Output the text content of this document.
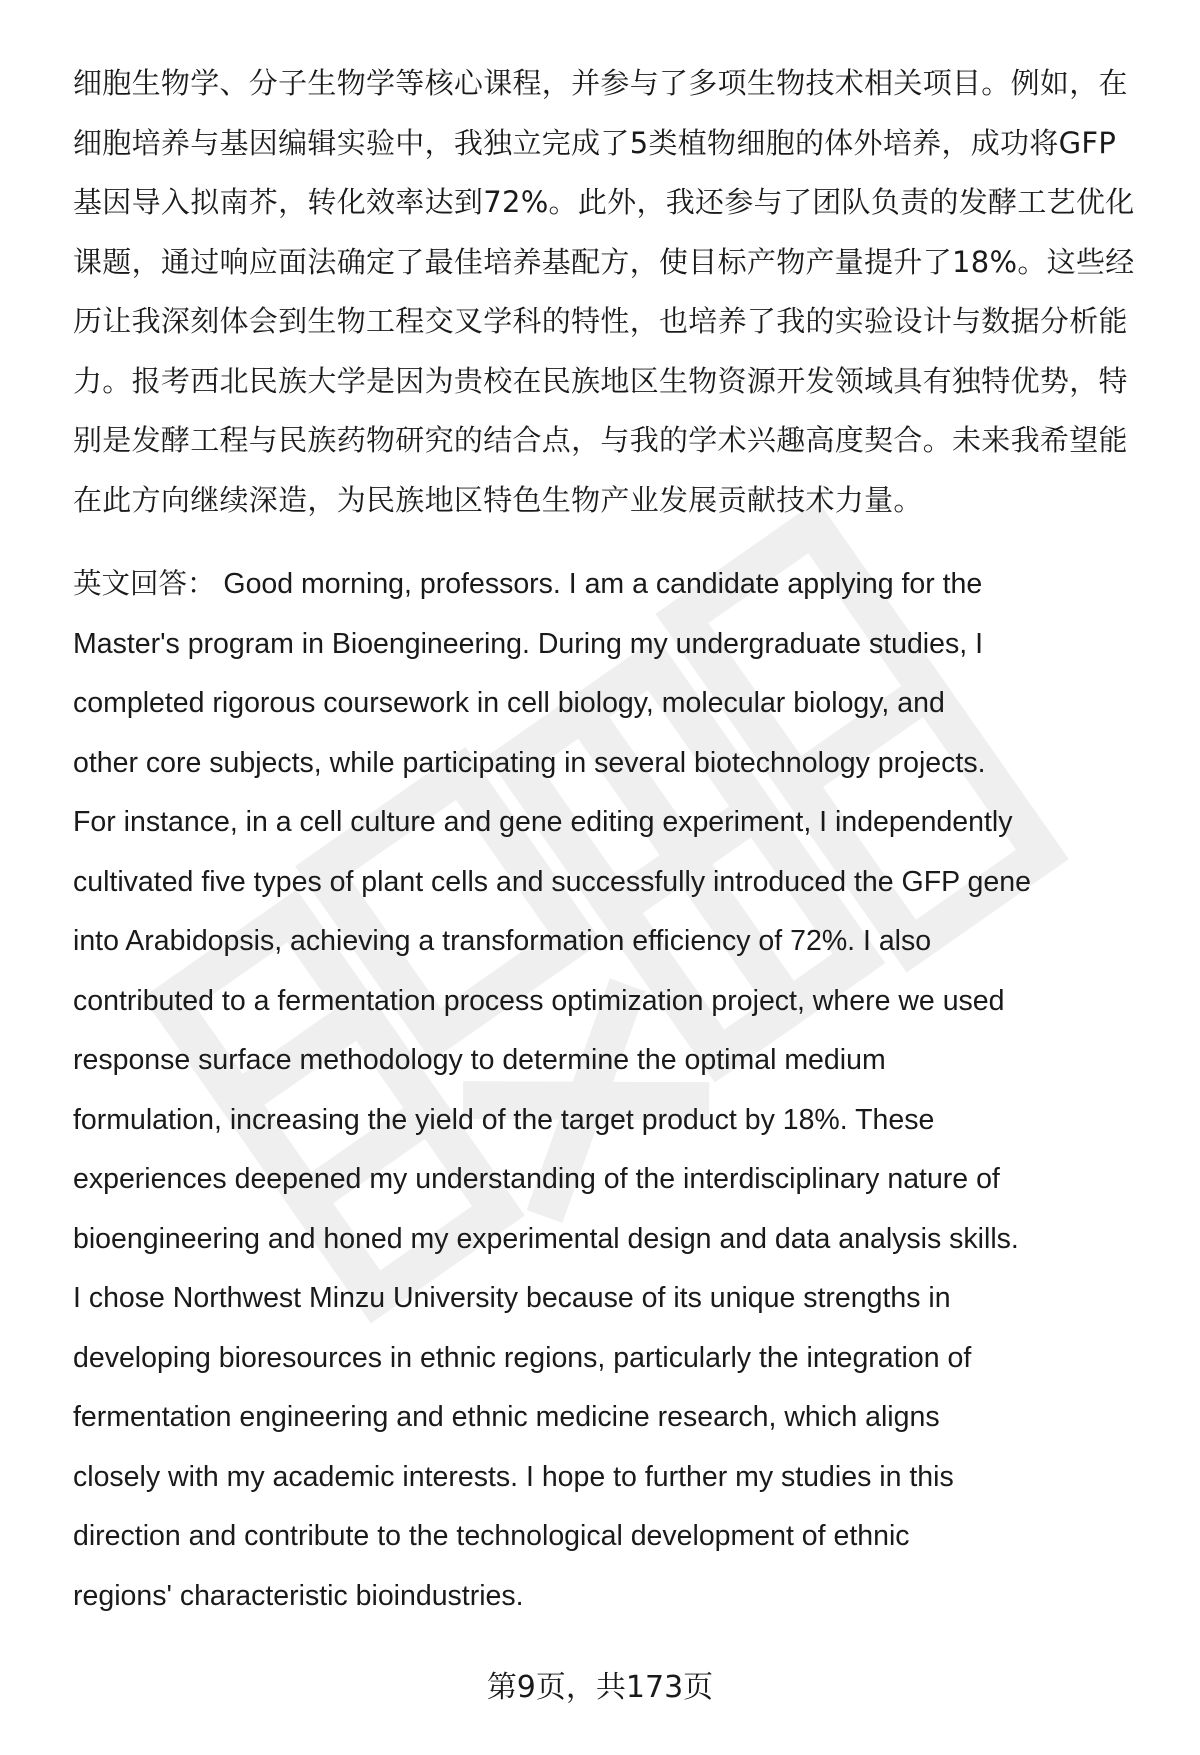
细胞生物学、分子生物学等核心课程，并参与了多项生物技术相关项目。例如，在
细胞培养与基因编辑实验中，我独立完成了5类植物细胞的体外培养，成功将GFP
基因导入拟南芥，转化效率达到72%。此外，我还参与了团队负责的发酵工艺优化
课题，通过响应面法确定了最佳培养基配方，使目标产物产量提升了18%。这些经
历让我深刻体会到生物工程交叉学科的特性，也培养了我的实验设计与数据分析能
力。报考西北民族大学是因为贵校在民族地区生物资源开发领域具有独特优势，特
别是发酵工程与民族药物研究的结合点，与我的学术兴趣高度契合。未来我希望能
在此方向继续深造，为民族地区特色生物产业发展贡献技术力量。
英文回答： Good morning, professors. I am a candidate applying for the
Master's program in Bioengineering. During my undergraduate studies, I
completed rigorous coursework in cell biology, molecular biology, and
other core subjects, while participating in several biotechnology projects.
For instance, in a cell culture and gene editing experiment, I independently
cultivated five types of plant cells and successfully introduced the GFP gene
into Arabidopsis, achieving a transformation efficiency of 72%. I also
contributed to a fermentation process optimization project, where we used
response surface methodology to determine the optimal medium
formulation, increasing the yield of the target product by 18%. These
experiences deepened my understanding of the interdisciplinary nature of
bioengineering and honed my experimental design and data analysis skills.
I chose Northwest Minzu University because of its unique strengths in
developing bioresources in ethnic regions, particularly the integration of
fermentation engineering and ethnic medicine research, which aligns
closely with my academic interests. I hope to further my studies in this
direction and contribute to the technological development of ethnic
regions' characteristic bioindustries.
第9页，共173页
